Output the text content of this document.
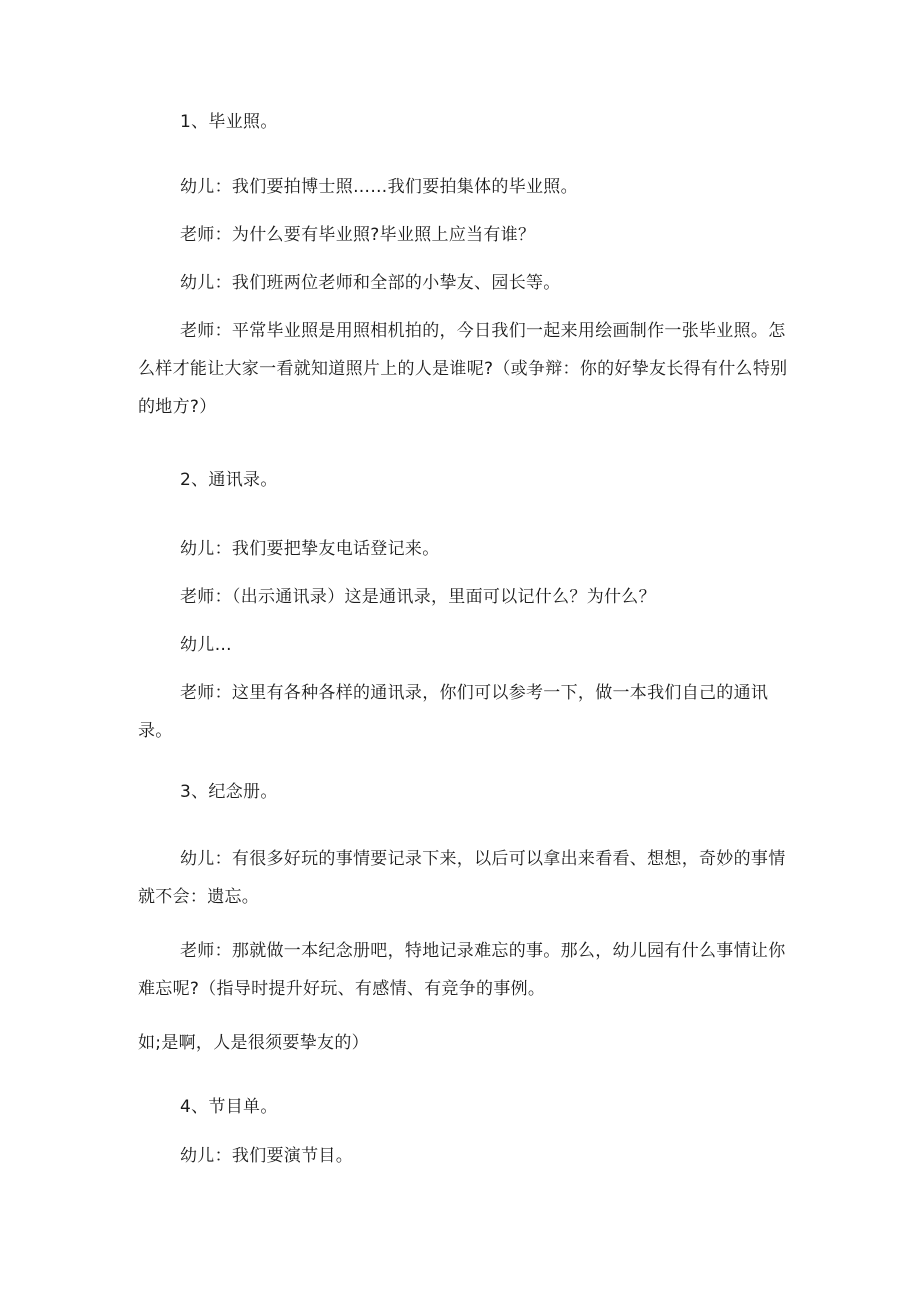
1、毕业照。
幼儿：我们要拍博士照……我们要拍集体的毕业照。
老师：为什么要有毕业照?毕业照上应当有谁？
幼儿：我们班两位老师和全部的小挚友、园长等。
老师：平常毕业照是用照相机拍的，今日我们一起来用绘画制作一张毕业照。怎么样才能让大家一看就知道照片上的人是谁呢?（或争辩：你的好挚友长得有什么特别的地方?）
2、通讯录。
幼儿：我们要把挚友电话登记来。
老师：（出示通讯录）这是通讯录，里面可以记什么？为什么？
幼儿…
老师：这里有各种各样的通讯录，你们可以参考一下，做一本我们自己的通讯录。
3、纪念册。
幼儿：有很多好玩的事情要记录下来，以后可以拿出来看看、想想，奇妙的事情就不会：遗忘。
老师：那就做一本纪念册吧，特地记录难忘的事。那么，幼儿园有什么事情让你难忘呢?（指导时提升好玩、有感情、有竞争的事例。
如;是啊，人是很须要挚友的）
4、节目单。
幼儿：我们要演节目。
